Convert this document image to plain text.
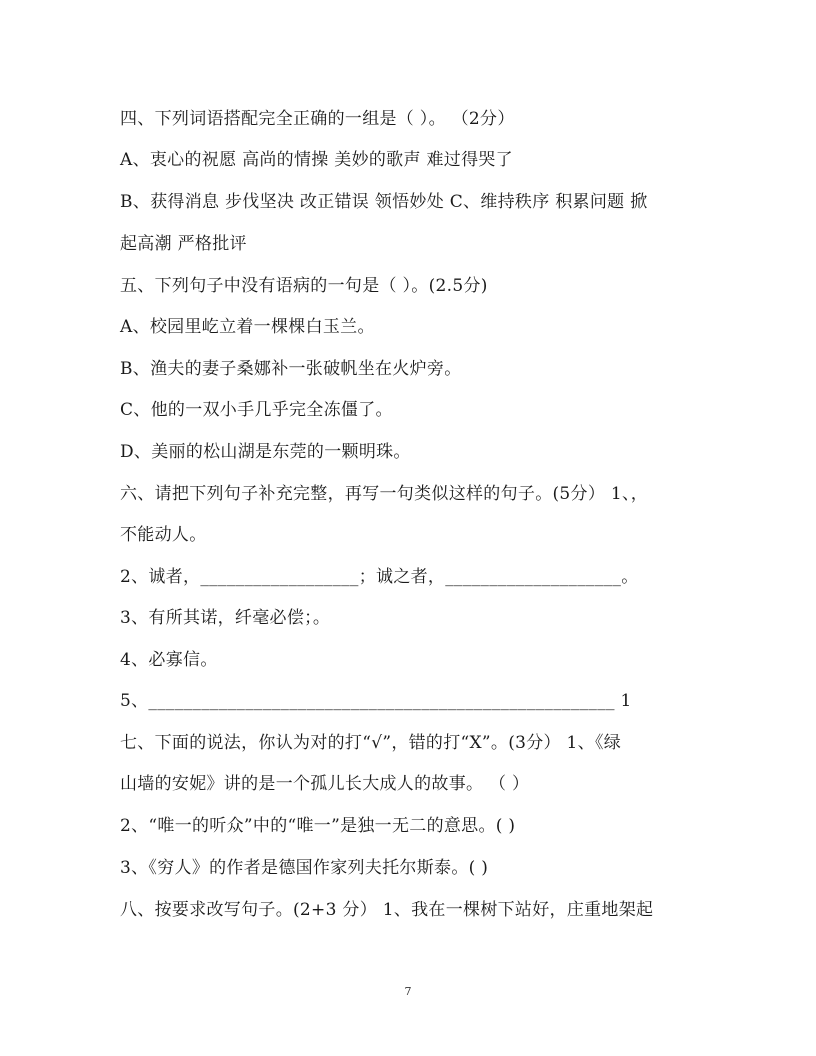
四、下列词语搭配完全正确的一组是（ ）。 （2分）
A、衷心的祝愿 高尚的情操 美妙的歌声 难过得哭了
B、获得消息 步伐坚决 改正错误 领悟妙处 C、维持秩序 积累问题 掀
起高潮 严格批评
五、下列句子中没有语病的一句是（ ）。(2.5分)
A、校园里屹立着一棵棵白玉兰。
B、渔夫的妻子桑娜补一张破帆坐在火炉旁。
C、他的一双小手几乎完全冻僵了。
D、美丽的松山湖是东莞的一颗明珠。
六、请把下列句子补充完整，再写一句类似这样的句子。(5分） 1、，
不能动人。
2、诚者，__________________；诚之者，____________________。
3、有所其诺，纤毫必偿；。
4、必寡信。
5、_____________________________________________________ 1
七、下面的说法，你认为对的打“√”，错的打“X”。(3分） 1、《绿
山墙的安妮》讲的是一个孤儿长大成人的故事。 （ ）
2、“唯一的听众”中的“唯一”是独一无二的意思。( )
3、《穷人》的作者是德国作家列夫托尔斯泰。( )
八、按要求改写句子。(2+3 分） 1、我在一棵树下站好，庄重地架起
7
